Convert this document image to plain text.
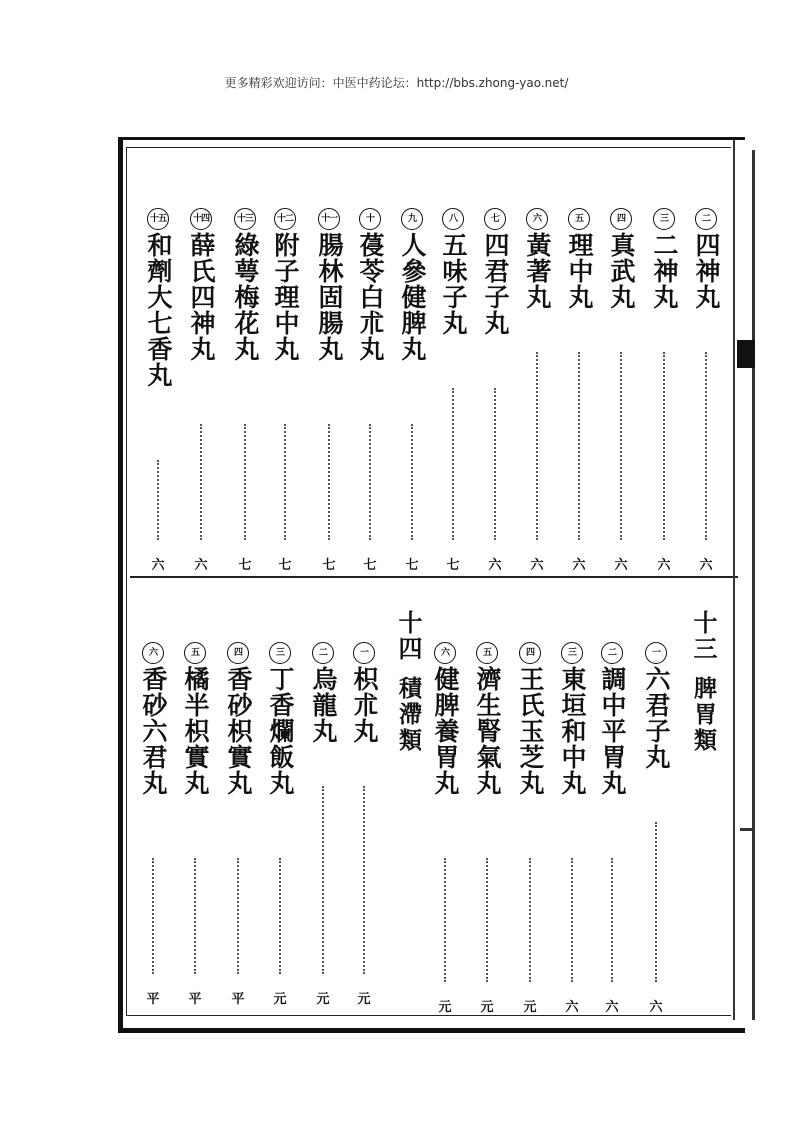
更多精彩欢迎访问：中医中药论坛：http://bbs.zhong-yao.net/
二
四神丸
六
三
二神丸
六
四
真武丸
六
五
理中丸
六
六
黃著丸
六
七
四君子丸
六
八
五味子丸
七
九
人參健脾丸
七
十
葠苓白朮丸
七
十一
腸林固腸丸
七
十二
附子理中丸
七
十三
綠萼梅花丸
七
十四
薛氏四神丸
六
十五
和劑大七香丸
六
一
六君子丸
六
二
調中平胃丸
六
三
東垣和中丸
六
四
王氏玉芝丸
元
五
濟生腎氣丸
元
六
健脾養胃丸
元
一
枳朮丸
元
二
烏龍丸
元
三
丁香爛飯丸
元
四
香砂枳實丸
平
五
橘半枳實丸
平
六
香砂六君丸
平
十三脾胃類
十四積滯類
